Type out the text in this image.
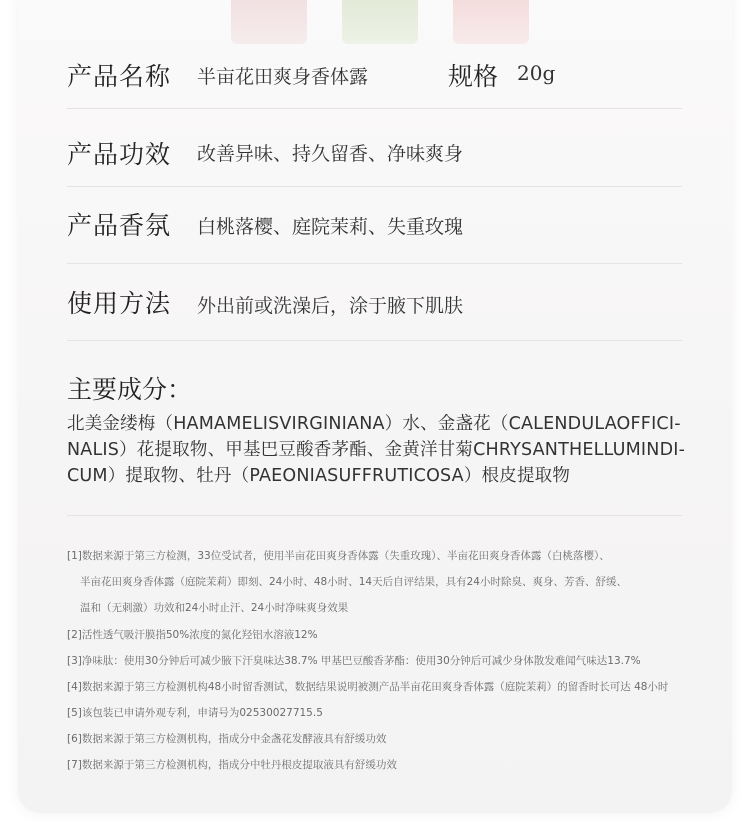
产品名称 半亩花田爽身香体露	规格 20g
产品功效 改善异味、持久留香、净味爽身
产品香氛 白桃落樱、庭院茉莉、失重玫瑰
使用方法 外出前或洗澡后，涂于腋下肌肤
主要成分：
北美金缕梅（HAMAMELISVIRGINIANA）水、金盏花（CALENDULAOFFICI-
NALIS）花提取物、甲基巴豆酸香茅酯、金黄洋甘菊CHRYSANTHELLUMINDI-
CUM）提取物、牡丹（PAEONIASUFFRUTICOSA）根皮提取物
[1]数据来源于第三方检测，33位受试者，使用半亩花田爽身香体露（失重玫瑰）、半亩花田爽身香体露（白桃落樱）、
半亩花田爽身香体露（庭院茉莉）即刻、24小时、48小时、14天后自评结果，具有24小时除臭、爽身、芳香、舒缓、
温和（无刺激）功效和24小时止汗、24小时净味爽身效果
[2]活性透气吸汗膜指50%浓度的氮化羟铝水溶液12%
[3]净味肽：使用30分钟后可减少腋下汗臭味达38.7% 甲基巴豆酸香茅酯：使用30分钟后可减少身体散发难闻气味达13.7%
[4]数据来源于第三方检测机构48小时留香测试，数据结果说明被测产品半亩花田爽身香体露（庭院茉莉）的留香时长可达 48小时
[5]该包装已申请外观专利，申请号为02530027715.5
[6]数据来源于第三方检测机构，指成分中金盏花发酵液具有舒缓功效
[7]数据来源于第三方检测机构，指成分中牡丹根皮提取液具有舒缓功效
